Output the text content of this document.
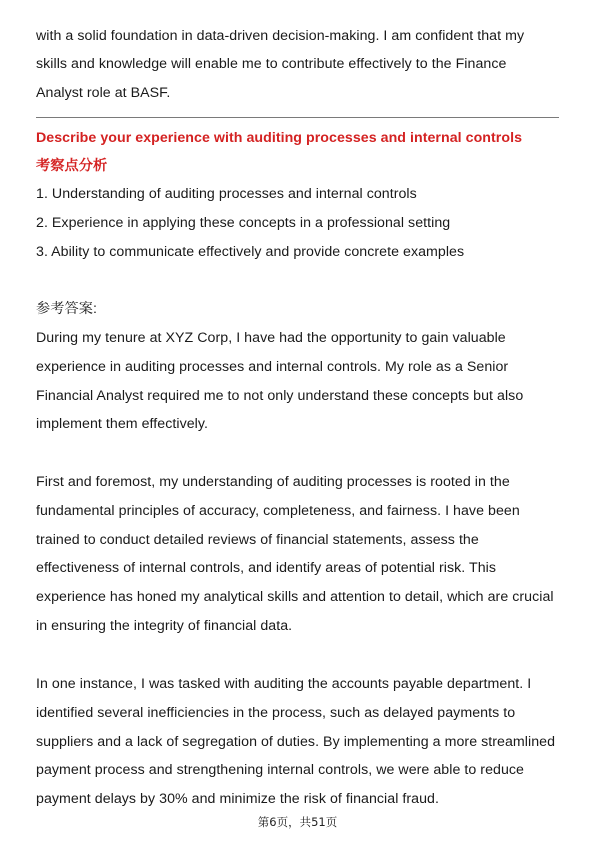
with a solid foundation in data-driven decision-making. I am confident that my
skills and knowledge will enable me to contribute effectively to the Finance
Analyst role at BASF.
Describe your experience with auditing processes and internal controls
考察点分析
1. Understanding of auditing processes and internal controls
2. Experience in applying these concepts in a professional setting
3. Ability to communicate effectively and provide concrete examples
参考答案:
During my tenure at XYZ Corp, I have had the opportunity to gain valuable
experience in auditing processes and internal controls. My role as a Senior
Financial Analyst required me to not only understand these concepts but also
implement them effectively.
First and foremost, my understanding of auditing processes is rooted in the
fundamental principles of accuracy, completeness, and fairness. I have been
trained to conduct detailed reviews of financial statements, assess the
effectiveness of internal controls, and identify areas of potential risk. This
experience has honed my analytical skills and attention to detail, which are crucial
in ensuring the integrity of financial data.
In one instance, I was tasked with auditing the accounts payable department. I
identified several inefficiencies in the process, such as delayed payments to
suppliers and a lack of segregation of duties. By implementing a more streamlined
payment process and strengthening internal controls, we were able to reduce
payment delays by 30% and minimize the risk of financial fraud.
第6页，共51页
